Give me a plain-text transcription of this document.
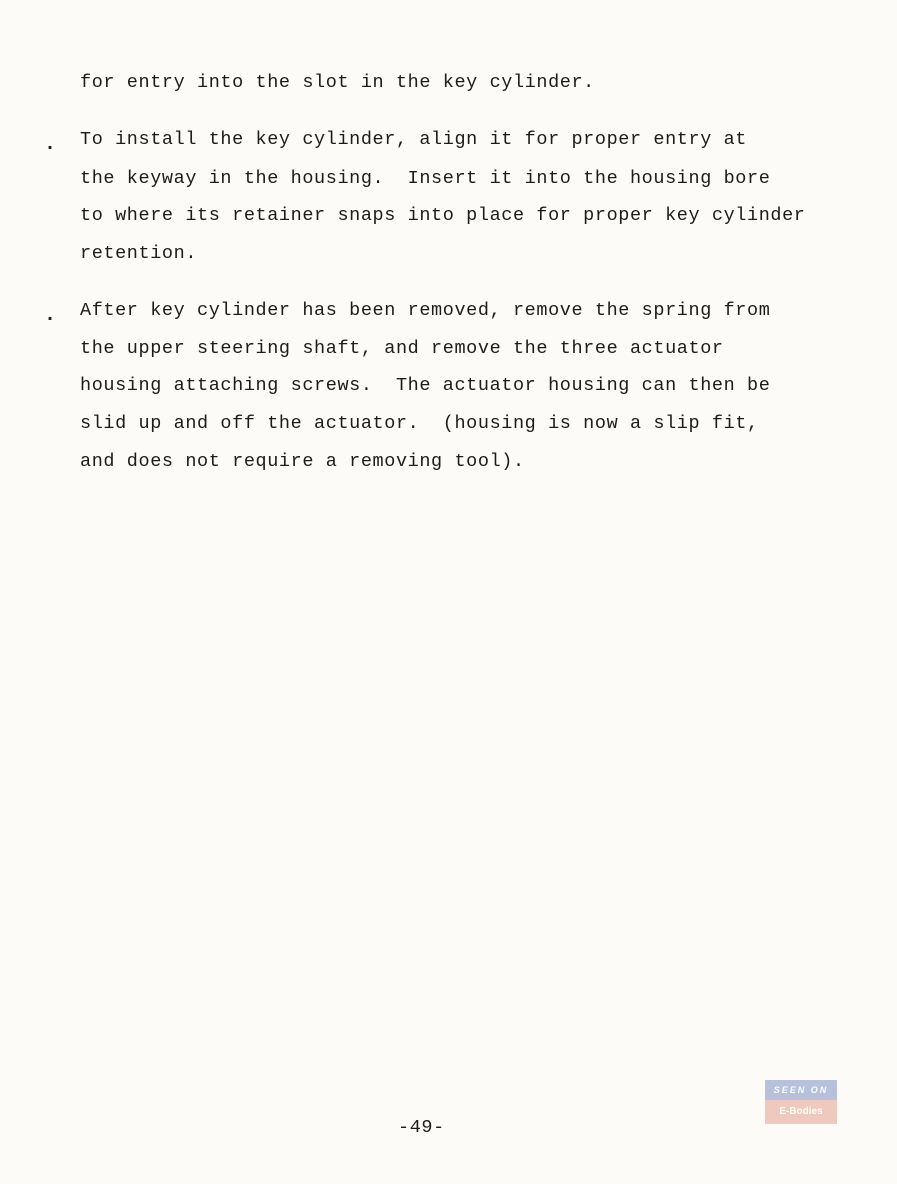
for entry into the slot in the key cylinder.
. To install the key cylinder, align it for proper entry at
the keyway in the housing.  Insert it into the housing bore
to where its retainer snaps into place for proper key cylinder
retention.
. After key cylinder has been removed, remove the spring from
the upper steering shaft, and remove the three actuator
housing attaching screws.  The actuator housing can then be
slid up and off the actuator.  (housing is now a slip fit,
and does not require a removing tool).
-49-
SEEN ON
E-Bodies
